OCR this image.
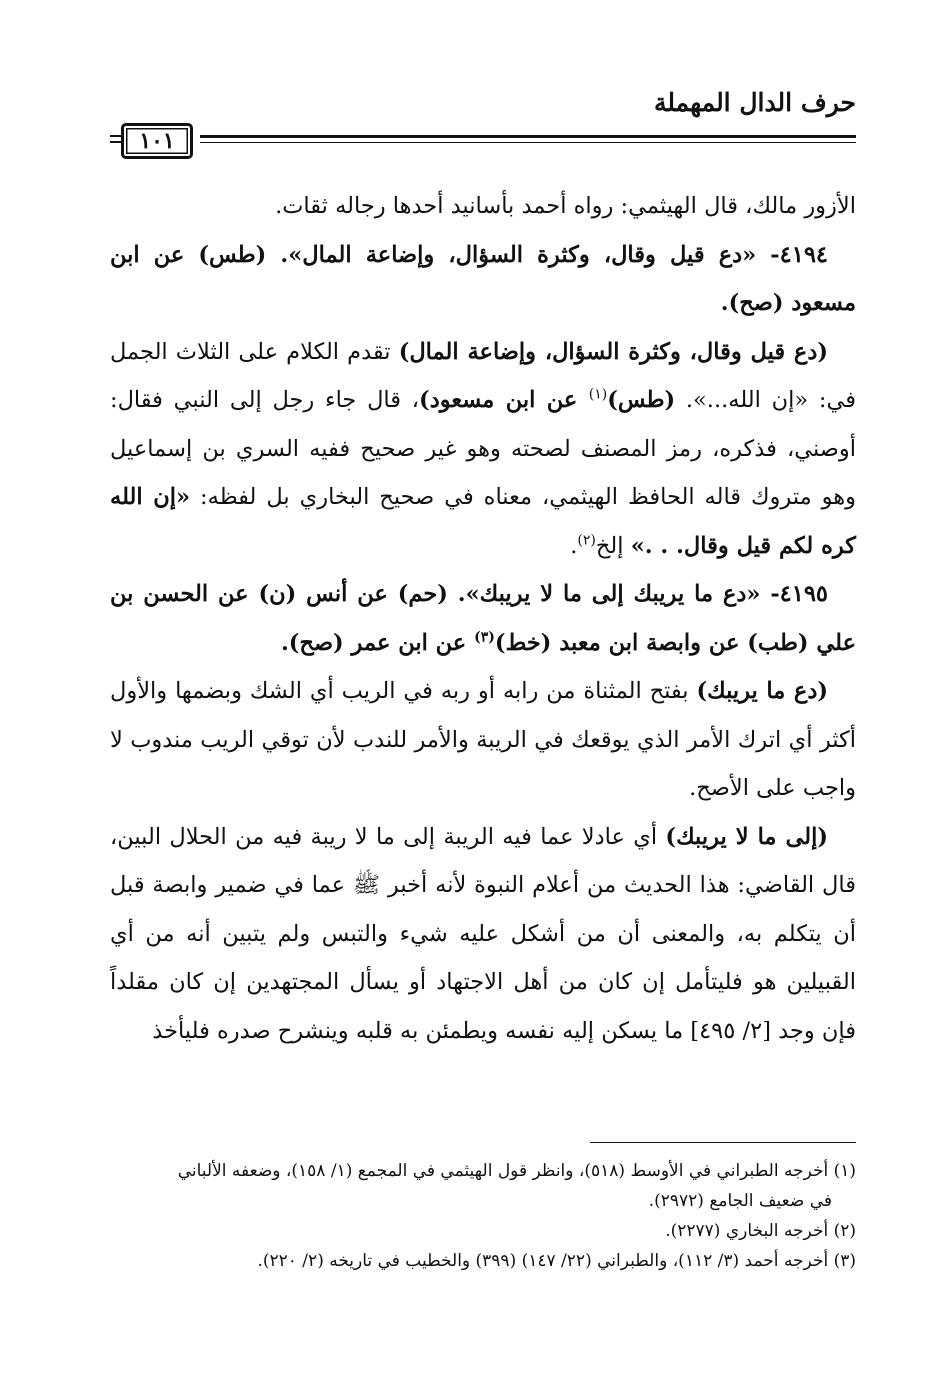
حرف الدال المهملة
١٠١

الأزور مالك، قال الهيثمي: رواه أحمد بأسانيد أحدها رجاله ثقات.

٤١٩٤- «دع قيل وقال، وكثرة السؤال، وإضاعة المال». (طس) عن ابن مسعود (صح).

(دع قيل وقال، وكثرة السؤال، وإضاعة المال) تقدم الكلام على الثلاث الجمل في: «إن الله...». (طس)$^{(١)}$ عن ابن مسعود)، قال جاء رجل إلى النبي فقال: أوصني، فذكره، رمز المصنف لصحته وهو غير صحيح ففيه السري بن إسماعيل وهو متروك قاله الحافظ الهيثمي، معناه في صحيح البخاري بل لفظه: «إن الله كره لكم قيل وقال. . .» إلخ$^{(٢)}$.

٤١٩٥- «دع ما يريبك إلى ما لا يريبك». (حم) عن أنس (ن) عن الحسن بن علي (طب) عن وابصة ابن معبد (خط)$^{(٣)}$ عن ابن عمر (صح).

(دع ما يريبك) بفتح المثناة من رابه أو ربه في الريب أي الشك وبضمها والأول أكثر أي اترك الأمر الذي يوقعك في الريبة والأمر للندب لأن توقي الريب مندوب لا واجب على الأصح.

(إلى ما لا يريبك) أي عادلا عما فيه الريبة إلى ما لا ريبة فيه من الحلال البين، قال القاضي: هذا الحديث من أعلام النبوة لأنه أخبر ﷺ عما في ضمير وابصة قبل أن يتكلم به، والمعنى أن من أشكل عليه شيء والتبس ولم يتبين أنه من أي القبيلين هو فليتأمل إن كان من أهل الاجتهاد أو يسأل المجتهدين إن كان مقلداً فإن وجد [٢/ ٤٩٥] ما يسكن إليه نفسه ويطمئن به قلبه وينشرح صدره فليأخذ

(١) أخرجه الطبراني في الأوسط (٥١٨)، وانظر قول الهيثمي في المجمع (١/ ١٥٨)، وضعفه الألباني

في ضعيف الجامع (٢٩٧٢).

(٢) أخرجه البخاري (٢٢٧٧).

(٣) أخرجه أحمد (٣/ ١١٢)، والطبراني (٢٢/ ١٤٧) (٣٩٩) والخطيب في تاريخه (٢/ ٢٢٠).
